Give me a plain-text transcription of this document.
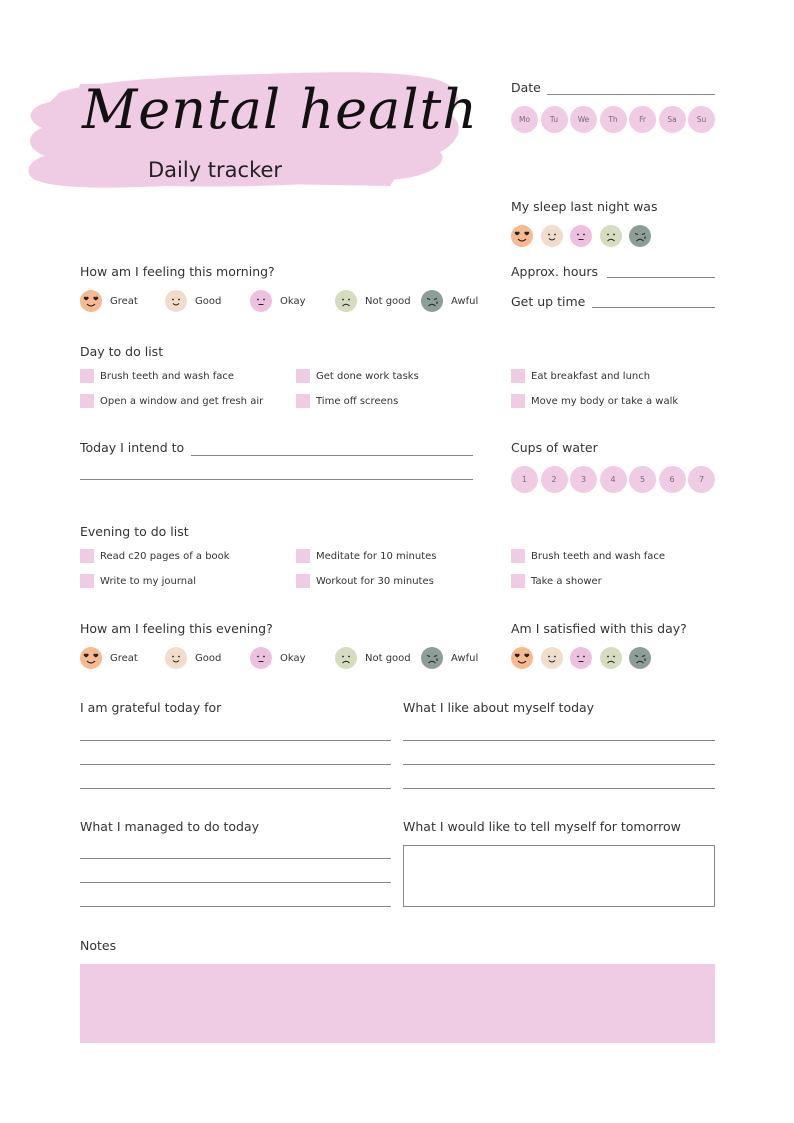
Mental health
Daily tracker
Date
Mo	Tu	We	Th	Fr	Sa	Su
My sleep last night was
Approx. hours
Get up time
How am I feeling this morning?
Great	Good	Okay	Not good	Awful
Day to do list
Brush teeth and wash face
Open a window and get fresh air
Get done work tasks
Time off screens
Eat breakfast and lunch
Move my body or take a walk
Today I intend to	Cups of water
1	2	3	4	5	6	7
Evening to do list
Read c20 pages of a book
Write to my journal
Meditate for 10 minutes
Workout for 30 minutes
Brush teeth and wash face
Take a shower
How am I feeling this evening?
Great	Good	Okay	Not good	Awful
Am I satisfied with this day?
I am grateful today for	What I like about myself today
What I managed to do today	What I would like to tell myself for tomorrow
Notes
